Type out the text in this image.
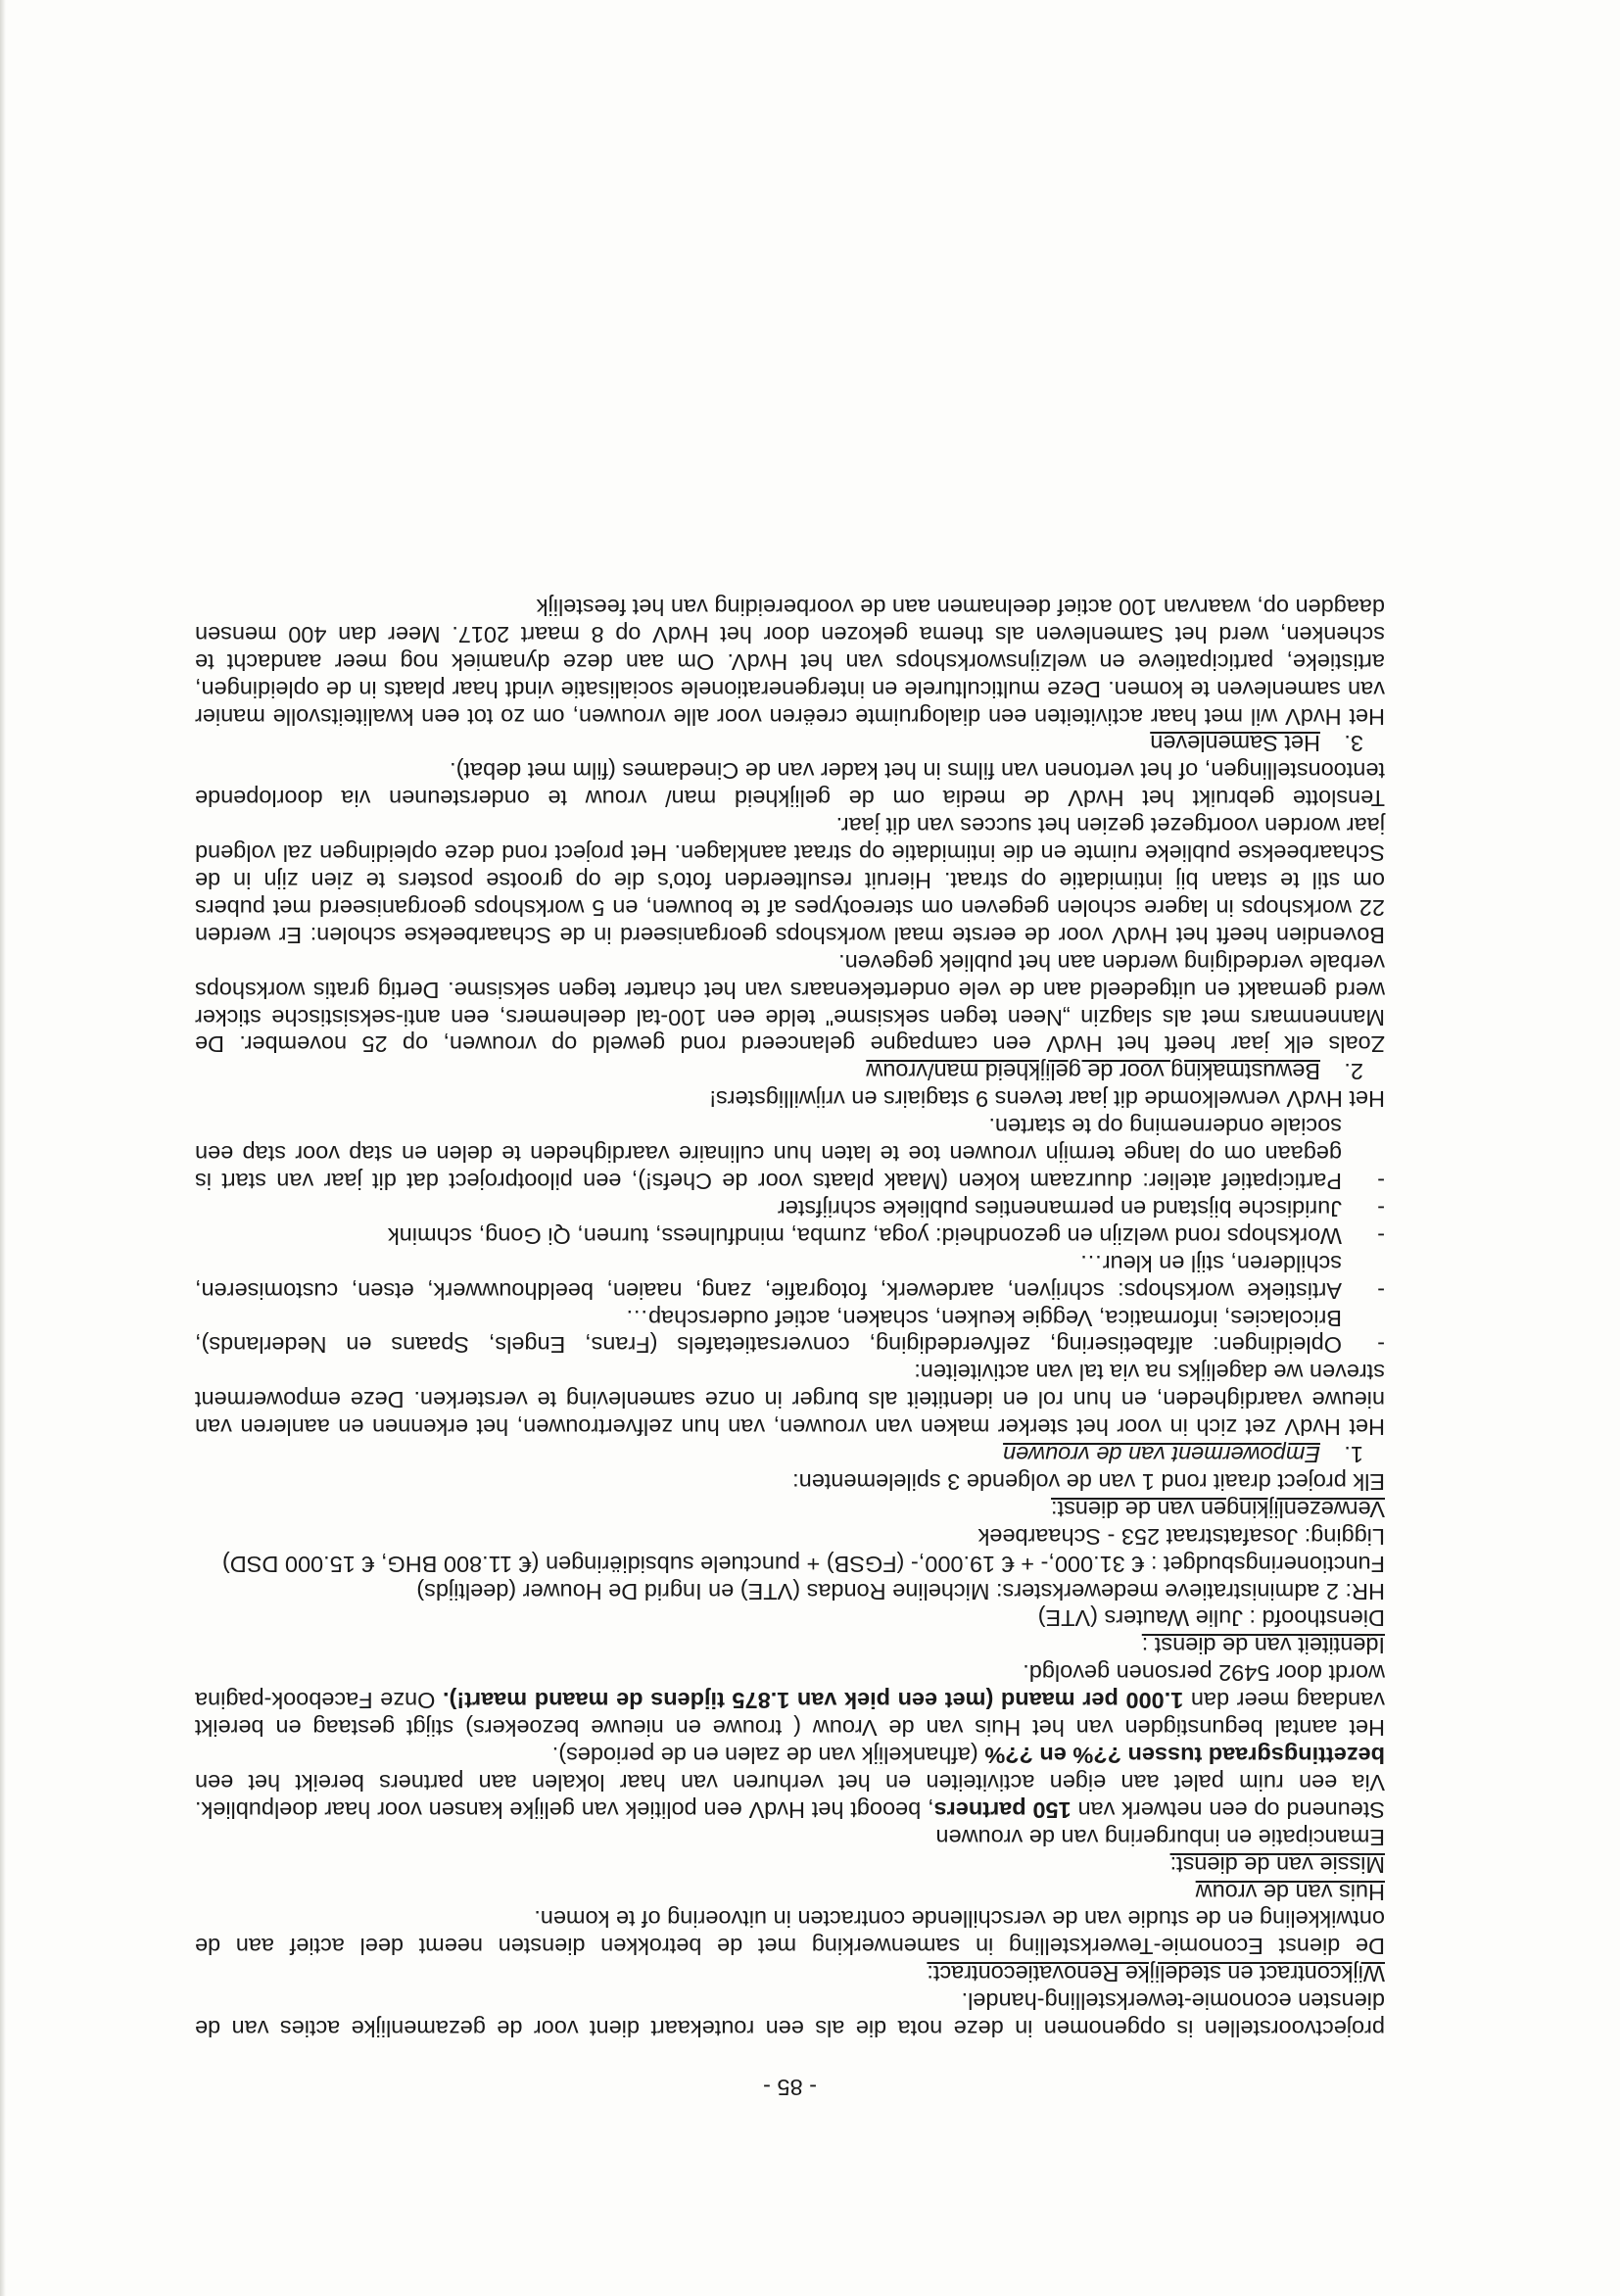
- 85 -

projectvoorstellen is opgenomen in deze nota die als een routekaart dient voor de gezamenlijke acties van de diensten economie-tewerkstelling-handel.

Wijkcontract en stedelijke Renovatiecontract:

De dienst Economie-Tewerkstelling in samenwerking met de betrokken diensten neemt deel actief aan de ontwikkeling en de studie van de verschillende contracten in uitvoering of te komen.

Huis van de vrouw

Missie van de dienst:

Emancipatie en inburgering van de vrouwen

Steunend op een netwerk van 150 partners, beoogt het HvdV een politiek van gelijke kansen voor haar doelpubliek. Via een ruim palet aan eigen activiteiten en het verhuren van haar lokalen aan partners bereikt het een bezettingsgraad tussen ??% en ??% (afhankelijk van de zalen en de periodes).

Het aantal begunstigden van het Huis van de Vrouw ( trouwe en nieuwe bezoekers) stijgt gestaag en bereikt vandaag meer dan 1.000 per maand (met een piek van 1.875 tijdens de maand maart!). Onze Facebook-pagina wordt door 5492 personen gevolgd.

Identiteit van de dienst :

Diensthoofd : Julie Wauters (VTE)

HR: 2 administratieve medewerksters: Micheline Rondas (VTE) en Ingrid De Houwer (deeltijds)

Functioneringsbudget : € 31.000,- + € 19.000,- (FGSB) + punctuele subsidiëringen (€ 11.800 BHG, € 15.000 DSD)

Ligging: Josafatstraat 253 - Schaarbeek

Verwezenlijkingen van de dienst:

Elk project draait rond 1 van de volgende 3 spilelementen:

1.
Empowerment van de vrouwen

Het HvdV zet zich in voor het sterker maken van vrouwen, van hun zelfvertrouwen, het erkennen en aanleren van nieuwe vaardigheden, en hun rol en identiteit als burger in onze samenleving te versterken. Deze empowerment streven we dagelijks na via tal van activiteiten:

-
Opleidingen: alfabetisering, zelfverdediging, conversatietafels (Frans, Engels, Spaans en Nederlands), Bricolacies, informatica, Veggie keuken, schaken, actief ouderschap…
-
Artistieke workshops: schrijven, aardewerk, fotografie, zang, naaien, beeldhouwwerk, etsen, customiseren, schilderen, stijl en kleur…
-
Workshops rond welzijn en gezondheid: yoga, zumba, mindfulness, turnen, Qi Gong, schmink
-
Juridische bijstand en permanenties publieke schrijfster
-
Participatief atelier: duurzaam koken (Maak plaats voor de Chefs!), een pilootproject dat dit jaar van start is gegaan om op lange termijn vrouwen toe te laten hun culinaire vaardigheden te delen en stap voor stap een sociale onderneming op te starten.

Het HvdV verwelkomde dit jaar tevens 9 stagiairs en vrijwilligsters!

2.
Bewustmaking voor de gelijkheid man/vrouw

Zoals elk jaar heeft het HvdV een campagne gelanceerd rond geweld op vrouwen, op 25 november. De Mannenmars met als slagzin „Neen tegen seksisme" telde een 100-tal deelnemers, een anti-seksistische sticker werd gemaakt en uitgedeeld aan de vele ondertekenaars van het charter tegen seksisme. Dertig gratis workshops verbale verdediging werden aan het publiek gegeven.

Bovendien heeft het HvdV voor de eerste maal workshops georganiseerd in de Schaarbeekse scholen: Er werden 22 workshops in lagere scholen gegeven om stereotypes af te bouwen, en 5 workshops georganiseerd met pubers om stil te staan bij intimidatie op straat. Hieruit resulteerden foto's die op grootse posters te zien zijn in de Schaarbeekse publieke ruimte en die intimidatie op straat aanklagen. Het project rond deze opleidingen zal volgend jaar worden voortgezet gezien het succes van dit jaar.

Tenslotte gebruikt het HvdV de media om de gelijkheid man/ vrouw te ondersteunen via doorlopende tentoonstellingen, of het vertonen van films in het kader van de Cinedames (film met debat).

3.
Het Samenleven

Het HvdV wil met haar activiteiten een dialogruimte creëren voor alle vrouwen, om zo tot een kwaliteitsvolle manier van samenleven te komen. Deze multiculturele en intergenerationele socialisatie vindt haar plaats in de opleidingen, artistieke, participatieve en welzijnsworkshops van het HvdV. Om aan deze dynamiek nog meer aandacht te schenken, werd het Samenleven als thema gekozen door het HvdV op 8 maart 2017. Meer dan 400 mensen daagden op, waarvan 100 actief deelnamen aan de voorbereiding van het feestelijk
